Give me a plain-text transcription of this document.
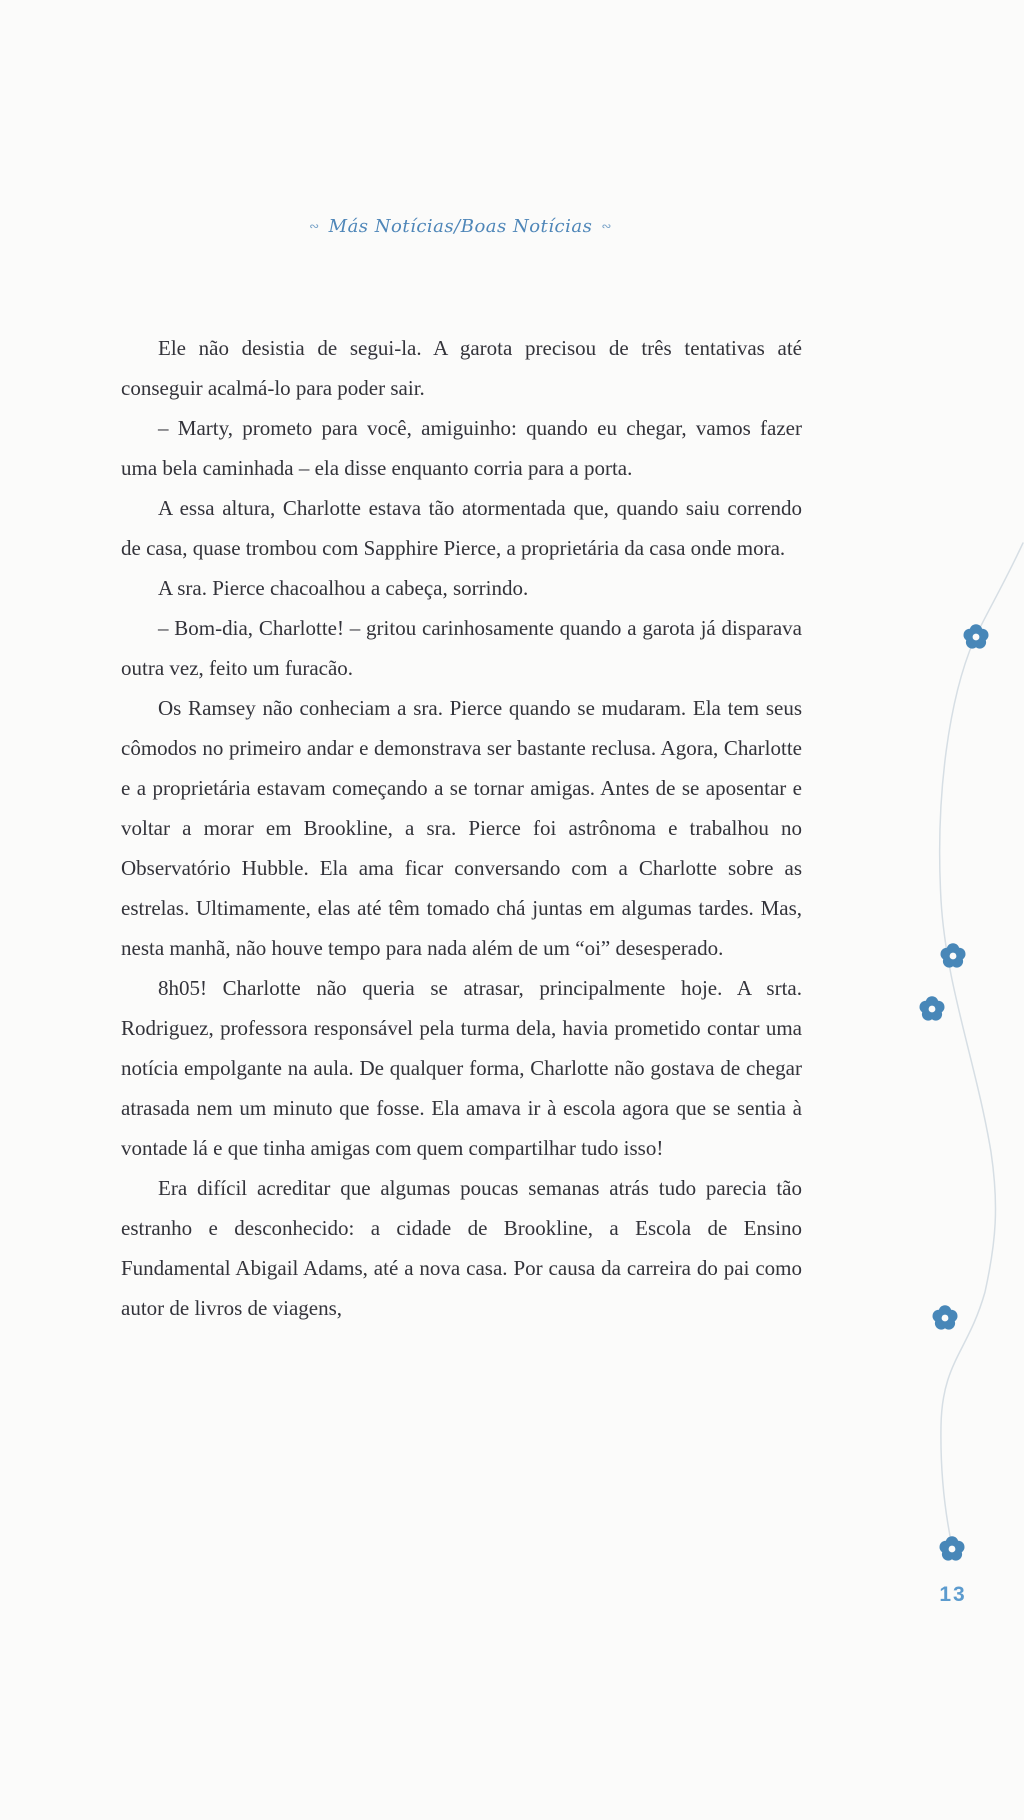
∾ Más Notícias/Boas Notícias ∾

Ele não desistia de segui-la. A garota precisou de três tentativas até conseguir acalmá-lo para poder sair.

– Marty, prometo para você, amiguinho: quando eu chegar, vamos fazer uma bela caminhada – ela disse enquanto corria para a porta.

A essa altura, Charlotte estava tão atormentada que, quando saiu correndo de casa, quase trombou com Sapphire Pierce, a proprietária da casa onde mora.

A sra. Pierce chacoalhou a cabeça, sorrindo.

– Bom-dia, Charlotte! – gritou carinhosamente quando a garota já disparava outra vez, feito um furacão.

Os Ramsey não conheciam a sra. Pierce quando se mudaram. Ela tem seus cômodos no primeiro andar e demonstrava ser bastante reclusa. Agora, Charlotte e a proprietária estavam começando a se tornar amigas. Antes de se aposentar e voltar a morar em Brookline, a sra. Pierce foi astrônoma e trabalhou no Observatório Hubble. Ela ama ficar conversando com a Charlotte sobre as estrelas. Ultimamente, elas até têm tomado chá juntas em algumas tardes. Mas, nesta manhã, não houve tempo para nada além de um “oi” desesperado.

8h05! Charlotte não queria se atrasar, principalmente hoje. A srta. Rodriguez, professora responsável pela turma dela, havia prometido contar uma notícia empolgante na aula. De qualquer forma, Charlotte não gostava de chegar atrasada nem um minuto que fosse. Ela amava ir à escola agora que se sentia à vontade lá e que tinha amigas com quem compartilhar tudo isso!

Era difícil acreditar que algumas poucas semanas atrás tudo parecia tão estranho e desconhecido: a cidade de Brookline, a Escola de Ensino Fundamental Abigail Adams, até a nova casa. Por causa da carreira do pai como autor de livros de viagens,

13
